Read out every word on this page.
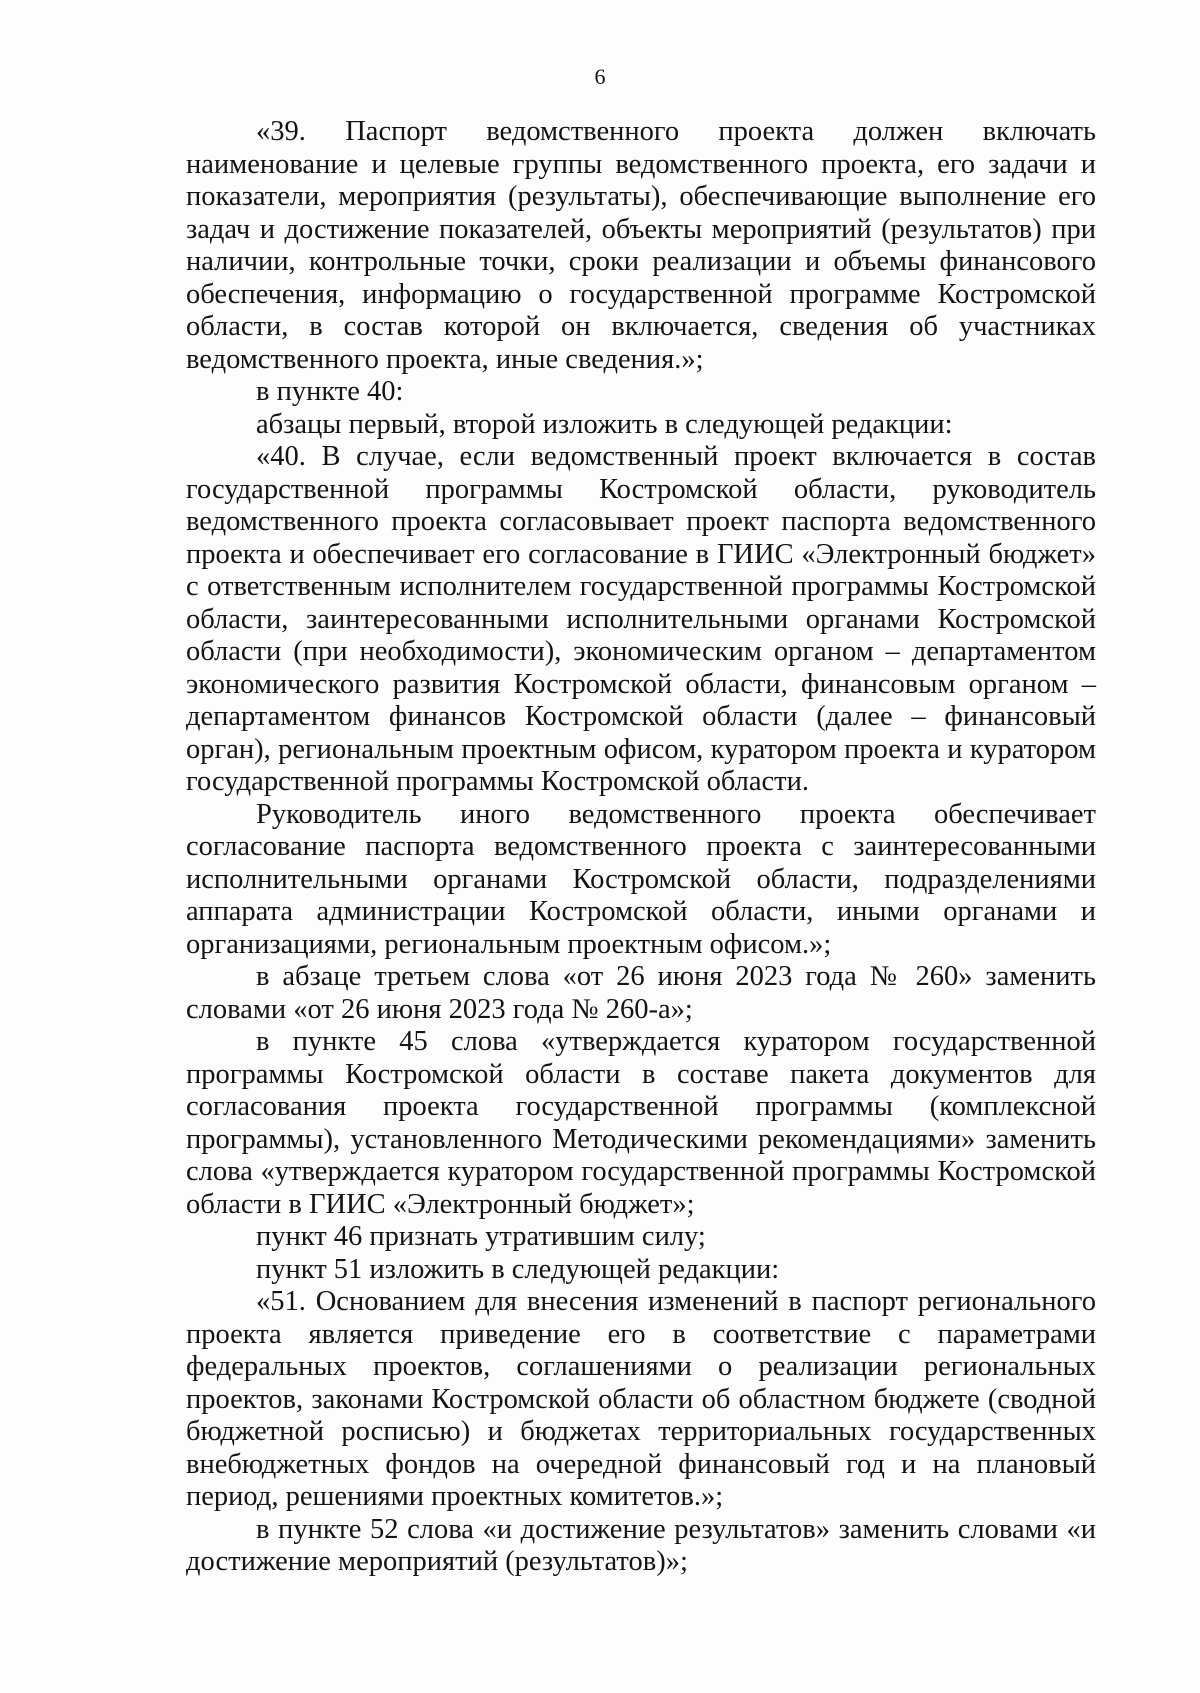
6

«39. Паспорт ведомственного проекта должен включать наименование и целевые группы ведомственного проекта, его задачи и показатели, мероприятия (результаты), обеспечивающие выполнение его задач и достижение показателей, объекты мероприятий (результатов) при наличии, контрольные точки, сроки реализации и объемы финансового обеспечения, информацию о государственной программе Костромской области, в состав которой он включается, сведения об участниках ведомственного проекта, иные сведения.»;

в пункте 40:

абзацы первый, второй изложить в следующей редакции:

«40. В случае, если ведомственный проект включается в состав государственной программы Костромской области, руководитель ведомственного проекта согласовывает проект паспорта ведомственного проекта и обеспечивает его согласование в ГИИС «Электронный бюджет» с ответственным исполнителем государственной программы Костромской области, заинтересованными исполнительными органами Костромской области (при необходимости), экономическим органом – департаментом экономического развития Костромской области, финансовым органом – департаментом финансов Костромской области (далее – финансовый орган), региональным проектным офисом, куратором проекта и куратором государственной программы Костромской области.

Руководитель иного ведомственного проекта обеспечивает согласование паспорта ведомственного проекта с заинтересованными исполнительными органами Костромской области, подразделениями аппарата администрации Костромской области, иными органами и организациями, региональным проектным офисом.»;

в абзаце третьем слова «от 26 июня 2023 года № 260» заменить словами «от 26 июня 2023 года № 260-а»;

в пункте 45 слова «утверждается куратором государственной программы Костромской области в составе пакета документов для согласования проекта государственной программы (комплексной программы), установленного Методическими рекомендациями» заменить слова «утверждается куратором государственной программы Костромской области в ГИИС «Электронный бюджет»;

пункт 46 признать утратившим силу;

пункт 51 изложить в следующей редакции:

«51. Основанием для внесения изменений в паспорт регионального проекта является приведение его в соответствие с параметрами федеральных проектов, соглашениями о реализации региональных проектов, законами Костромской области об областном бюджете (сводной бюджетной росписью) и бюджетах территориальных государственных внебюджетных фондов на очередной финансовый год и на плановый период, решениями проектных комитетов.»;

в пункте 52 слова «и достижение результатов» заменить словами «и достижение мероприятий (результатов)»;
